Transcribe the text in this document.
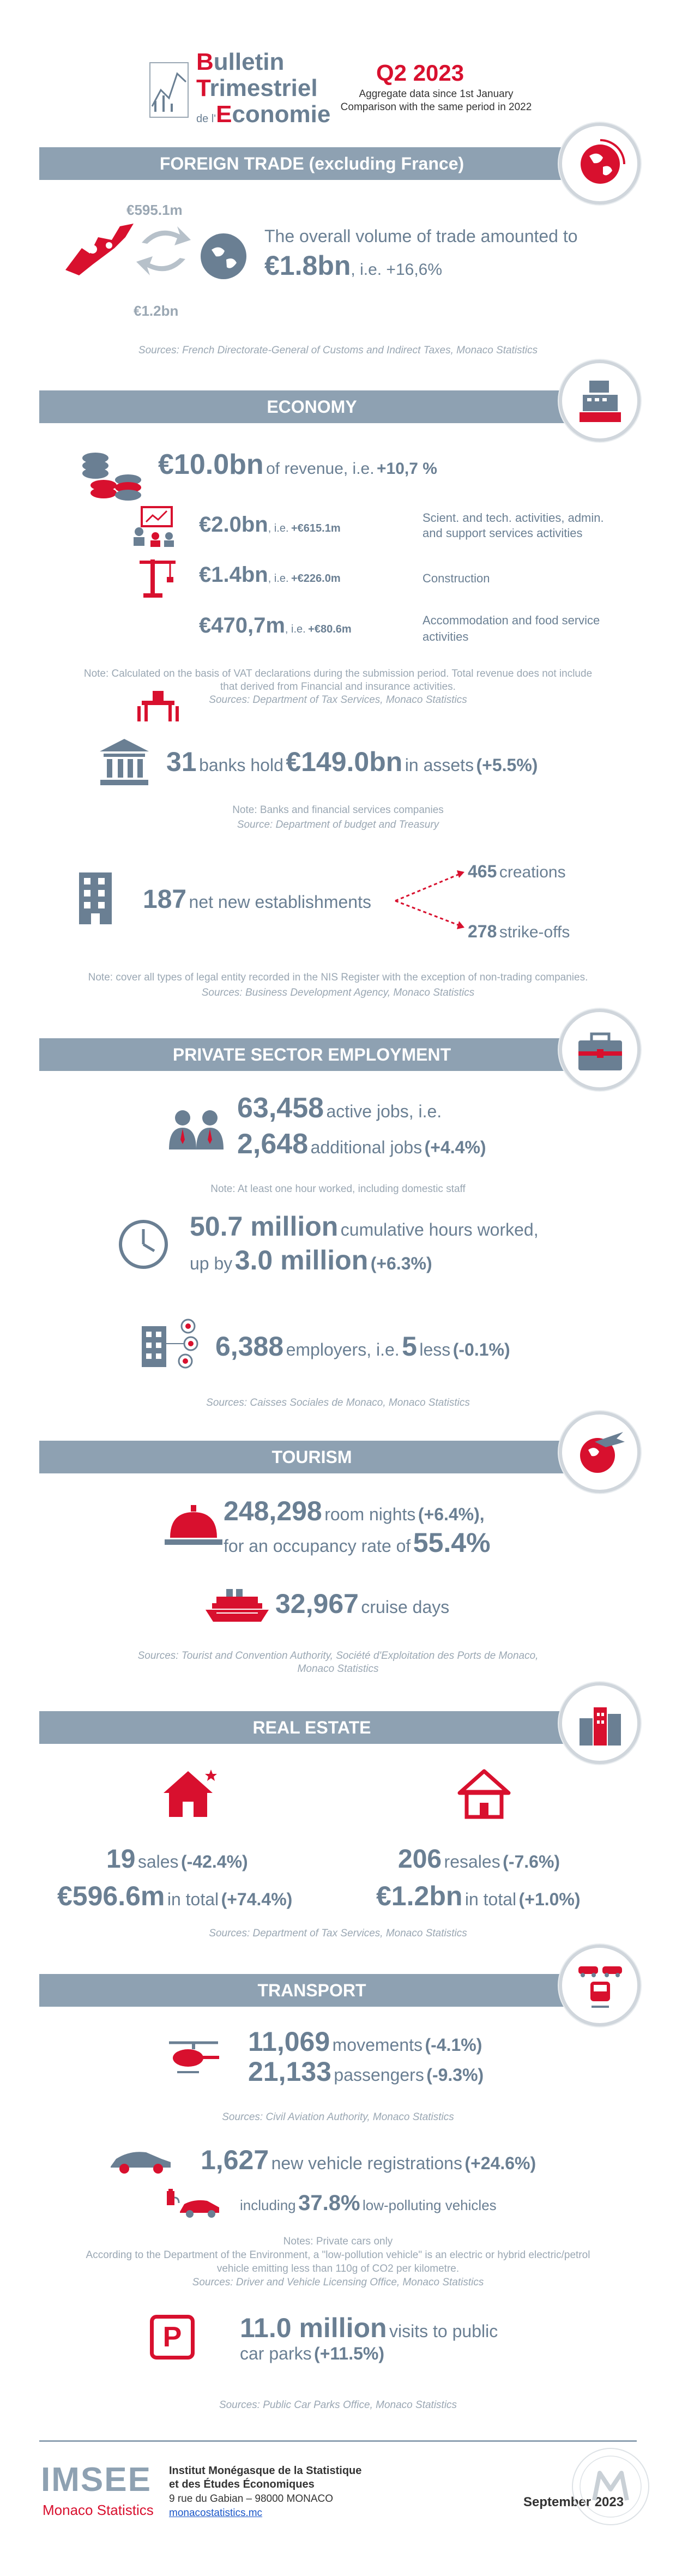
Bulletin
Trimestriel
de l'Economie
Q2 2023
Aggregate data since 1st January
Comparison with the same period in 2022
FOREIGN TRADE (excluding France)
€595.1m
€1.2bn
The overall volume of trade amounted to
€1.8bn, i.e. +16,6%
Sources: French Directorate-General of Customs and Indirect Taxes, Monaco Statistics
ECONOMY
€10.0bn of revenue, i.e. +10,7 %
€2.0bn, i.e. +€615.1m
Scient. and tech. activities, admin.
and support services activities
€1.4bn, i.e. +€226.0m	Construction
€470,7m, i.e. +€80.6m
Accommodation and food service
activities
Note: Calculated on the basis of VAT declarations during the submission period. Total revenue does not include
that derived from Financial and insurance activities.
Sources: Department of Tax Services, Monaco Statistics
31 banks hold €149.0bn in assets (+5.5%)
Note: Banks and financial services companies
Source: Department of budget and Treasury
187 net new establishments
465 creations
278 strike-offs
Note: cover all types of legal entity recorded in the NIS Register with the exception of non-trading companies.
Sources: Business Development Agency, Monaco Statistics
PRIVATE SECTOR EMPLOYMENT
63,458 active jobs, i.e.
2,648 additional jobs (+4.4%)
Note: At least one hour worked, including domestic staff
50.7 million cumulative hours worked,
up by 3.0 million (+6.3%)
6,388 employers, i.e. 5 less (-0.1%)
Sources: Caisses Sociales de Monaco, Monaco Statistics
TOURISM
248,298 room nights (+6.4%),
for an occupancy rate of 55.4%
32,967 cruise days
Sources: Tourist and Convention Authority, Société d'Exploitation des Ports de Monaco,
Monaco Statistics
REAL ESTATE
19 sales (-42.4%)
€596.6m in total (+74.4%)
206 resales (-7.6%)
€1.2bn in total (+1.0%)
Sources: Department of Tax Services, Monaco Statistics
TRANSPORT
11,069 movements (-4.1%)
21,133 passengers (-9.3%)
Sources: Civil Aviation Authority, Monaco Statistics
1,627 new vehicle registrations (+24.6%)
including 37.8% low-polluting vehicles
Notes: Private cars only
According to the Department of the Environment, a "low-pollution vehicle" is an electric or hybrid electric/petrol
vehicle emitting less than 110g of CO2 per kilometre.
Sources: Driver and Vehicle Licensing Office, Monaco Statistics
P	11.0 million visits to public
car parks (+11.5%)
Sources: Public Car Parks Office, Monaco Statistics
IMSEE
Monaco Statistics
Institut Monégasque de la Statistique
et des Études Économiques
9 rue du Gabian – 98000 MONACO
monacostatistics.mc
September 2023
